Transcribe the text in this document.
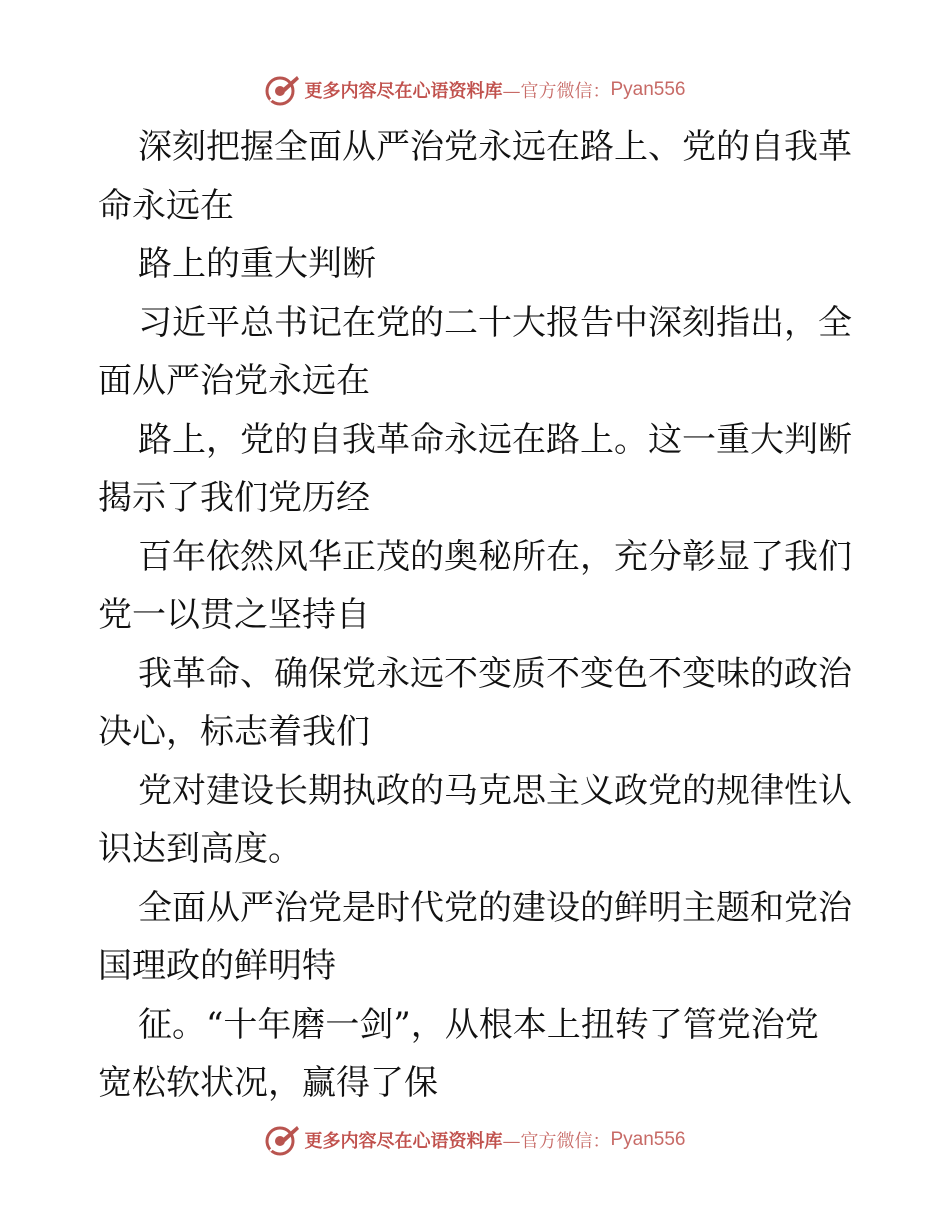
更多内容尽在心语资料库 —官方微信： Pyan556
深刻把握全面从严治党永远在路上、党的自我革
命永远在
路上的重大判断
习近平总书记在党的二十大报告中深刻指出，全
面从严治党永远在
路上，党的自我革命永远在路上。这一重大判断
揭示了我们党历经
百年依然风华正茂的奥秘所在，充分彰显了我们
党一以贯之坚持自
我革命、确保党永远不变质不变色不变味的政治
决心，标志着我们
党对建设长期执政的马克思主义政党的规律性认
识达到高度。
全面从严治党是时代党的建设的鲜明主题和党治
国理政的鲜明特
征。“十年磨一剑”，从根本上扭转了管党治党
宽松软状况，赢得了保
更多内容尽在心语资料库 —官方微信： Pyan556
